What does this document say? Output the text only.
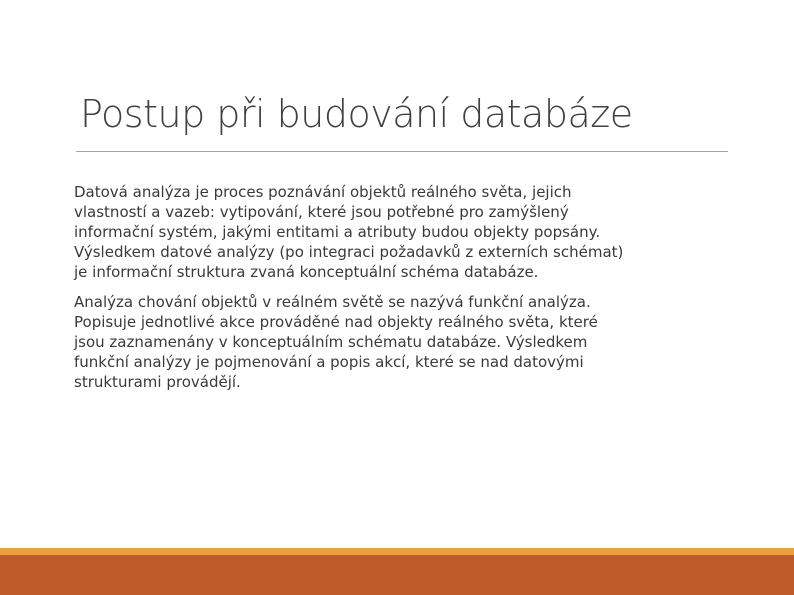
Postup při budování databáze

Datová analýza je proces poznávání objektů reálného světa, jejich
vlastností a vazeb: vytipování, které jsou potřebné pro zamýšlený
informační systém, jakými entitami a atributy budou objekty popsány.
Výsledkem datové analýzy (po integraci požadavků z externích schémat)
je informační struktura zvaná konceptuální schéma databáze.

Analýza chování objektů v reálném světě se nazývá funkční analýza.
Popisuje jednotlivé akce prováděné nad objekty reálného světa, které
jsou zaznamenány v konceptuálním schématu databáze. Výsledkem
funkční analýzy je pojmenování a popis akcí, které se nad datovými
strukturami provádějí.
